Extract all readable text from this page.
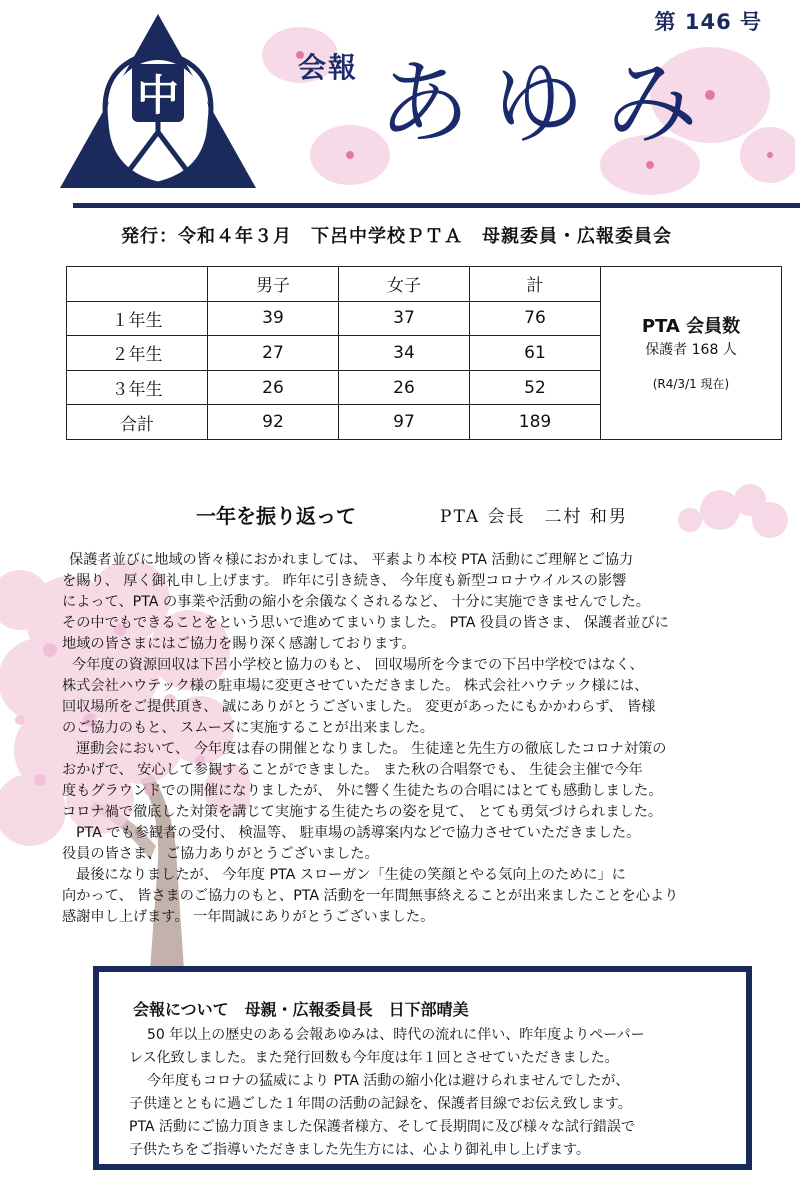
中
第 146 号
会報 あゆみ
発行：令和４年３月　下呂中学校ＰＴＡ　母親委員・広報委員会
	男子	女子	計	PTA 会員数
保護者 168 人
(R4/3/1 現在)

１年生	39	37	76	
２年生	27	34	61	
３年生	26	26	52	
合計	92	97	189	
一年を振り返って	PTA 会長　二村 和男

保護者並びに地域の皆々様におかれましては、 平素より本校 PTA 活動にご理解とご協力

を賜り、 厚く御礼申し上げます。 昨年に引き続き、 今年度も新型コロナウイルスの影響

によって、PTA の事業や活動の縮小を余儀なくされるなど、 十分に実施できませんでした。

その中でもできることをという思いで進めてまいりました。 PTA 役員の皆さま、 保護者並びに

地域の皆さまにはご協力を賜り深く感謝しております。

今年度の資源回収は下呂小学校と協力のもと、 回収場所を今までの下呂中学校ではなく、

株式会社ハウテック様の駐車場に変更させていただきました。 株式会社ハウテック様には、

回収場所をご提供頂き、 誠にありがとうございました。 変更があったにもかかわらず、 皆様

のご協力のもと、 スムーズに実施することが出来ました。

運動会において、 今年度は春の開催となりました。 生徒達と先生方の徹底したコロナ対策の

おかげで、 安心して参観することができました。 また秋の合唱祭でも、 生徒会主催で今年

度もグラウンドでの開催になりましたが、 外に響く生徒たちの合唱にはとても感動しました。

コロナ禍で徹底した対策を講じて実施する生徒たちの姿を見て、 とても勇気づけられました。

PTA でも参観者の受付、 検温等、 駐車場の誘導案内などで協力させていただきました。

役員の皆さま、 ご協力ありがとうございました。

最後になりましたが、 今年度 PTA スローガン「生徒の笑顔とやる気向上のために」に

向かって、 皆さまのご協力のもと、PTA 活動を一年間無事終えることが出来ましたことを心より

感謝申し上げます。 一年間誠にありがとうございました。

会報について　母親・広報委員長　日下部晴美

50 年以上の歴史のある会報あゆみは、時代の流れに伴い、昨年度よりペーパー

レス化致しました。また発行回数も今年度は年１回とさせていただきました。

今年度もコロナの猛威により PTA 活動の縮小化は避けられませんでしたが、

子供達とともに過ごした１年間の活動の記録を、保護者目線でお伝え致します。

PTA 活動にご協力頂きました保護者様方、そして長期間に及び様々な試行錯誤で

子供たちをご指導いただきました先生方には、心より御礼申し上げます。
